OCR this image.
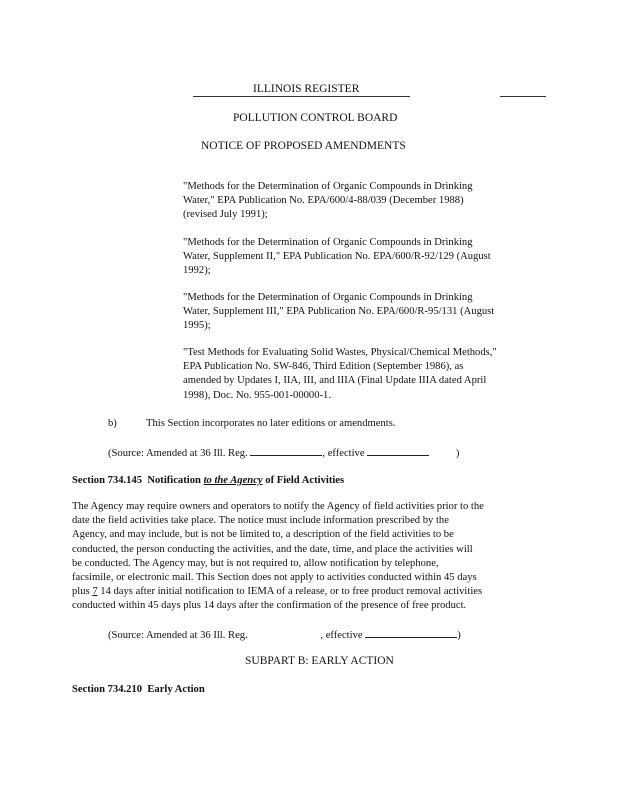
ILLINOIS REGISTER
POLLUTION CONTROL BOARD
NOTICE OF PROPOSED AMENDMENTS
"Methods for the Determination of Organic Compounds in Drinking
Water," EPA Publication No. EPA/600/4-88/039 (December 1988)
(revised July 1991);
"Methods for the Determination of Organic Compounds in Drinking
Water, Supplement II," EPA Publication No. EPA/600/R-92/129 (August
1992);
"Methods for the Determination of Organic Compounds in Drinking
Water, Supplement III," EPA Publication No. EPA/600/R-95/131 (August
1995);
"Test Methods for Evaluating Solid Wastes, Physical/Chemical Methods,"
EPA Publication No. SW-846, Third Edition (September 1986), as
amended by Updates I, IIA, III, and IIIA (Final Update IIIA dated April
1998), Doc. No. 955-001-00000-1.
b)	This Section incorporates no later editions or amendments.
(Source: Amended at 36 Ill. Reg.	, effective	)
Section 734.145 Notification to the Agency of Field Activities
The Agency may require owners and operators to notify the Agency of field activities prior to the
date the field activities take place. The notice must include information prescribed by the
Agency, and may include, but is not be limited to, a description of the field activities to be
conducted, the person conducting the activities, and the date, time, and place the activities will
be conducted. The Agency may, but is not required to, allow notification by telephone,
facsimile, or electronic mail. This Section does not apply to activities conducted within 45 days
plus 7 14 days after initial notification to IEMA of a release, or to free product removal activities
conducted within 45 days plus 14 days after the confirmation of the presence of free product.
(Source: Amended at 36 Ill. Reg.	, effective	)
SUBPART B: EARLY ACTION
Section 734.210 Early Action
